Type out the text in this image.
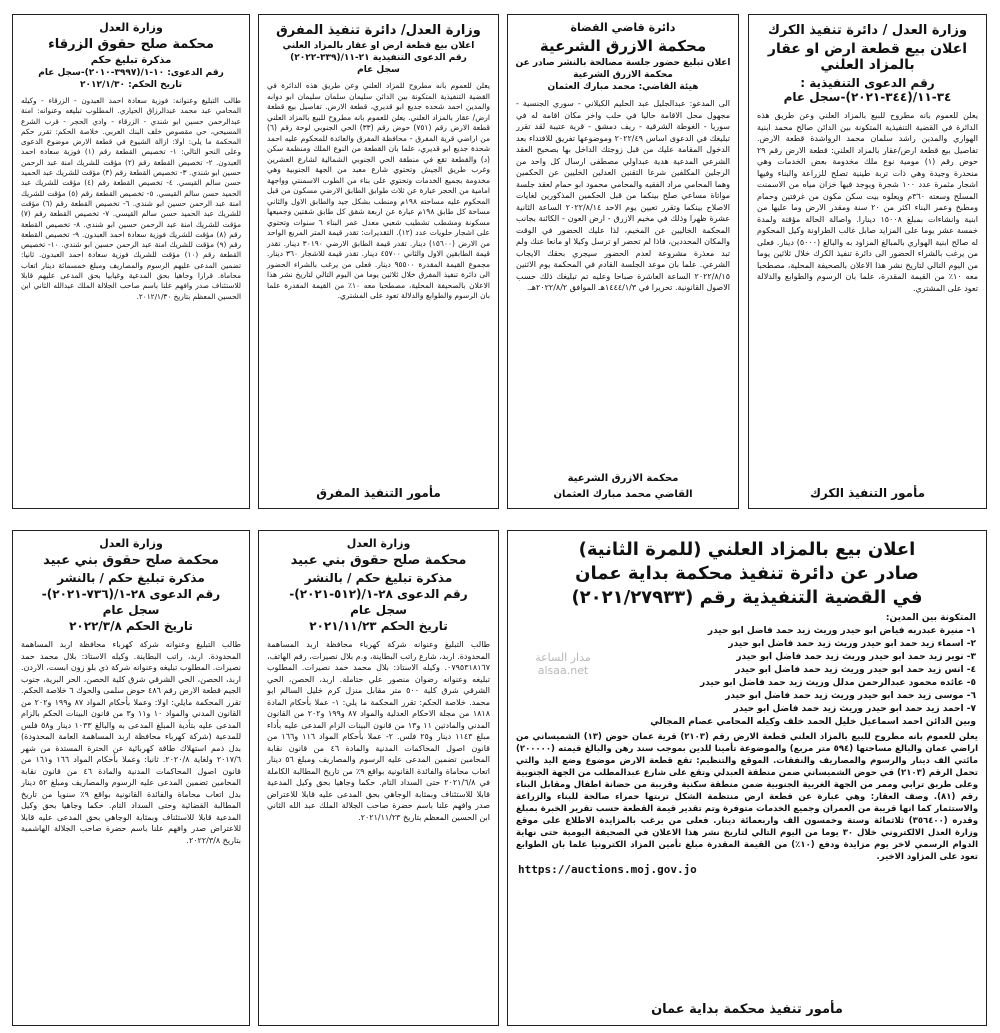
وزارة العدل / دائرة تنفيذ الكرك
اعلان بيع قطعة ارض او عقار بالمزاد العلني
رقم الدعوى التنفيذية : ٣٤-١١/(٣٤٤-٢٠٢١)-سجل عام
يعلن للعموم بانه مطروح للبيع بالمزاد العلني وعن طريق هذه الدائرة في القضية التنفيذية المتكونة بين الدائن صالح محمد ابنية الهواري والمدين راشد سلمان محمد الرواشدة قطعة الارض. تفاصيل بيع قطعة ارض/عقار بالمزاد العلني: قطعة الارض رقم ٢٩ حوض رقم (١) مومية نوع ملك مخدومة بعض الخدمات وهي منحدرة وجيدة وهي ذات تربة طينية تصلح للزراعة والبناء وفيها اشجار مثمرة عدد ١٠٠ شجرة ويوجد فيها خزان مياه من الاسمنت المسلح وسعته ٣٦٠م ويعلوه بيت سكن مكون من غرفتين وحمام ومطبخ وعمر البناء اكثر من ٢٠ سنة ومقدر الارض وما عليها من ابنية وانشاءات بمبلغ ١٥٠٠٨ دينارا. واصالة الحالة مؤقتة ولمدة خمسة عشر يوما على المزايد صابل غالب الطراونة وكيل المحكوم له صالح ابنية الهواري بالمبالغ المزاود به والبالغ (٥٠٠٠) دينار. فعلى من يرغب بالشراء الحضور الى دائرة تنفيذ الكرك خلال ثلاثين يوما من اليوم التالي لتاريخ نشر هذا الاعلان بالصحيفة المحلية، مصطحبا معه ١٠٪ من القيمة المقدرة، علما بان الرسوم والطوابع والدلالة تعود على المشتري.
مأمور التنفيذ الكرك
دائرة قاضي القضاة
محكمة الازرق الشرعية
اعلان تبليغ حضور جلسة مصالحة بالنشر صادر عن
محكمة الازرق الشرعية
هيئة القاضي: محمد مبارك العثمان
الى المدعو: عبدالجليل عبد الحليم الكيلاني - سوري الجنسية - مجهول محل الاقامة حاليا في حلب واخر مكان اقامة له في سوريا - الغوطة الشرقية - ريف دمشق - قرية عتيبة لقد تقرر تبليغك في الدعوى اساس ٢٠٢٢/٤٩ وموضوعها تفريق للافتداء بعد الدخول المقامة عليك من قبل زوجتك الداخل بها بصحيح العقد الشرعي المدعية هدية عبداولي مصطفى ارسال كل واحد من الرجلين المكلفين شرعا التقنين العدلين الخليين عن الحكمين وهما المحامي مراد الفقيه والمحامي محمود ابو حمام لعقد جلسة مواتاة مساعي صلح بينكما من قبل الحكمين المذكورين لغايات الاصلاح بينكما وتقرر تعيين يوم الاحد ٢٠٢٢/٨/١٤ الساعة الثانية عشرة ظهرا وذلك في مخيم الازرق - ارض العون - الكائنة بجانب المحكمة الخاليين عن المخيم، لذا عليك الحضور في الوقت والمكان المحددين، فاذا لم تحضر او ترسل وكيلا او مانعا عنك ولم تبد معذرة مشروعة لعدم الحضور سيجري بحقك الايجاب الشرعي. علما بان موعد الجلسة القادم في المحكمة يوم الاثنين ٢٠٢٢/٨/١٥ الساعة العاشرة صباحا وعليه تم تبليغك ذلك حسب الاصول القانونية. تحريرا في ١٤٤٤/١/٣هـ الموافق ٢٠٢٢/٨/٢هـ.
محكمة الازرق الشرعية
القاضي محمد مبارك العثمان
وزارة العدل/ دائرة تنفيذ المفرق
اعلان بيع قطعة ارض او عقار بالمزاد العلني
رقم الدعوى التنفيذية ٢١-١١/(٣٣٩-٢٠٢٢)
سجل عام
يعلن للعموم بانه مطروح للمزاد العلني وعن طريق هذه الدائرة في القضية التنفيذية المتكونة بين الدائن سليمان سلمان سليمان ابو دوابه والمدين احمد شحده جديع ابو قديري، قطعة الارض. تفاصيل بيع قطعة ارض/ عقار بالمزاد العلني. يعلن للعموم بانه مطروح للبيع بالمزاد العلني قطعة الارض رقم (٧٥١) حوض رقم (٣٣) الحي الجنوبي لوحة رقم (٦) من اراضي قرية المفرق - محافظة المفرق والعائدة للمحكوم عليه احمد شحدة جديع ابو قديري، علما بان القطعة من النوع الملك ومنظمة سكن (د) والقطعة تقع في منطقة الحي الجنوبي الشمالية لشارع العشرين وغرب طريق الجيش وتحتوي شارع معبد من الجهة الجنوبية وهي مخدومة بجميع الخدمات وتحتوي على بناء من الطوب الاسمنتي وواجهة امامية من الحجر عبارة عن ثلاث طوابق الطابق الارضي مسكون من قبل المحكوم عليه مساحته ١٩٨م ومنطب بشكل جيد والطابق الاول والثاني مساحة كل طابق ١٩٨م عبارة عن اربعة شقق كل طابق شقتين وجميعها مسكونة ومشطب تشطيب شعبي معدل عمر البناء ٦ سنوات وتحتوي على اشجار حلويات عدد (١٢). التقديرات: تقدر قيمة المتر المربع الواحد من الارض (١٥٦٠٠) دينار. تقدر قيمة الطابق الارضي ٣٠١٩٠ دينار. تقدر قيمة الطابقين الاول والثاني ٤٥٧٠٠ دينار. تقدر قيمة للاشجار ٣٦٠ دينار. مجموع القيمة المقدرة ٩٥٥٠٠ دينار. فعلى من يرغب بالشراء الحضور الى دائرة تنفيذ المفرق خلال ثلاثين يوما من اليوم التالي لتاريخ نشر هذا الاعلان بالصحيفة المحلية، مصطحبا معه ١٠٪ من القيمة المقدرة علما بان الرسوم والطوابع والدلالة تعود على المشتري.
مأمور التنفيذ المفرق
وزارة العدل
محكمة صلح حقوق الزرقاء
مذكرة تبليغ حكم
رقم الدعوى: ١٠-١/(٣٩٩٧-٢٠١٠)-سجل عام
تاريخ الحكم: ٢٠١٢/١/٣٠
طالب التبليغ وعنوانه: فوزية سعادة احمد العبدون - الزرقاء - وكيله المحامي عبد محمد عبدالرزاق الحياري. المطلوب تبليغه وعنوانه: امنة عبدالرحمن حسين ابو شندي - الزرقاء - وادي الحجر - قرب الشرع المسيحي، حي مقصوص خلف البنك العربي. خلاصة الحكم: تقرر حكم المحكمة ما يلي: اولا: ازالة الشيوع في قطعة الارض موضوع الدعوى وعلى النحو التالي: ١- تخصيص القطعة رقم (١) فوزية سعادة احمد العبدون. ٢- تخصيص القطعة رقم (٢) مؤقت للشريك امنة عبد الرحمن حسين ابو شندي. ٣- تخصيص القطعة رقم (٣) مؤقت للشريك عبد الحميد حسن سالم القيسي. ٤- تخصيص القطعة رقم (٤) مؤقت للشريك عبد الحميد حسن سالم القيسي. ٥- تخصيص القطعة رقم (٥) مؤقت للشريك امنة عبد الرحمن حسين ابو شندي. ٦- تخصيص القطعة رقم (٦) مؤقت للشريك عبد الحميد حسن سالم القيسي. ٧- تخصيص القطعة رقم (٧) مؤقت للشريك امنة عبد الرحمن حسين ابو شندي. ٨- تخصيص القطعة رقم (٨) مؤقت للشريك فوزية سعادة احمد العبدون. ٩- تخصيص القطعة رقم (٩) مؤقت للشريك امنة عبد الرحمن حسين ابو شندي. ١٠- تخصيص القطعة رقم (١٠) مؤقت للشريك فوزية سعادة احمد العبدون. ثانيا: تضمين المدعى عليهم الرسوم والمصاريف ومبلغ خمسمائة دينار اتعاب محاماة. قرارا وجاهيا بحق المدعية وغيابيا بحق المدعى عليهم قابلا للاستئناف صدر وافهم علنا باسم صاحب الجلالة الملك عبدالله الثاني ابن الحسين المعظم بتاريخ ٢٠١٢/١/٣٠.
اعلان بيع بالمزاد العلني (للمرة الثانية)
صادر عن دائرة تنفيذ محكمة بداية عمان
في القضية التنفيذية رقم (٢٠٢١/٢٧٩٣٣)
المتكونة بين المدين:
١- منيرة عبدربه فياض ابو حيدر وريث زيد حمد فاضل ابو حيدر
٢- اسماء زيد حمد ابو حيدر وريث زيد حمد فاضل ابو حيدر
٣- نوير زيد حمد ابو حيدر وريث زيد حمد فاضل ابو حيدر
٤- انس زيد حمد ابو حيدر وريث زيد حمد فاضل ابو حيدر
٥- عائده محمود عبدالرحمن مدلل وريث زيد حمد فاضل ابو حيدر
٦- موسى زيد حمد ابو حيدر وريث زيد حمد فاضل ابو حيدر
٧- احمد زيد حمد ابو حيدر وريث زيد حمد فاضل ابو حيدر
وبين الدائن احمد اسماعيل خليل الحمد خلف وكيله المحامي عصام المجالي
يعلن للعموم بانه مطروح للبيع بالمزاد العلني قطعة الارض رقم (٢١٠٣) قرية عمان حوض (١٣) الشميساني من اراضي عمان والبالغ مساحتها (٥٩٤ متر مربع) والموضوعة تأمينا للدين بموجب سند رهن والبالغ قيمته (٢٠٠٠٠٠) مائتي الف دينار والرسوم والمصاريف والنفقات. الموقع والتنظيم: تقع قطعة الارض موضوع وضع اليد والتي تحمل الرقم (٢١٠٣) في حوض الشميساني ضمن منطقة العبدلي وتقع على شارع عبدالمطلب من الجهة الجنوبية وعلى طريق ترابي وممر من الجهة الغربية الجنوبية ضمن منطقة سكنية وقريبة من حضانة اطفال ومقابل البناء رقم (٨١). وصف العقار: وهي عبارة عن قطعة ارض منتظمة الشكل تربتها حمراء صالحة للبناء والزراعة والاستثمار كما انها قريبة من العمران وجميع الخدمات متوفرة وتم تقدير قيمة القطعة حسب تقرير الخبرة بمبلغ وقدره (٣٥٦٤٠٠) ثلاثمائة وستة وخمسون الف واربعمائة دينار. فعلى من يرغب بالمزايدة الاطلاع على موقع وزارة العدل الالكتروني خلال ٣٠ يوما من اليوم التالي لتاريخ نشر هذا الاعلان في الصحيفة اليومية حتى نهاية الدوام الرسمي لاخر يوم مزايدة ودفع (١٠٪) من القيمة المقدرة مبلغ تأمين المزاد الكترونيا علما بان الطوابع تعود على المزاود الاخير.
https://auctions.moj.gov.jo
مأمور تنفيذ محكمة بداية عمان
مدار الساعة
alsaa.net
وزارة العدل
محكمة صلح حقوق بني عبيد
مذكرة تبليغ حكم / بالنشر
رقم الدعوى ٢٨-١/(٥١٢-٢٠٢١)-
سجل عام
تاريخ الحكم ٢٠٢١/١١/٢٣
طالب التبليغ وعنوانه شركة كهرباء محافظة اربد المساهمة المحدودة. اربد، شارع راتب البطاينة، و.م بلال نصيرات، رقم الهاتف، ٠٧٩٥٣١٨١٦٧. وكيله الاستاذ: بلال محمد حمد نصيرات. المطلوب تبليغه وعنوانه رضوان منصور علي حتاملة. اربد، الحصن، الحي الشرقي شرق كلية ٥٠٠ متر مقابل منزل كرم خليل السالم ابو محمد. خلاصة الحكم: تقرر المحكمة ما يلي: ١- عملا بأحكام المادة ١٨١٨ من مجلة الاحكام العدلية والمواد ٨٧ و١٩٩ و٢٠٢ من القانون المدني والمادتين ١١ و١٣ من قانون البينات الزام المدعى عليه بأداء مبلغ ١١٤٣ دينار و٢٥ فلس. ٢- عملا بأحكام المواد ١١٦ و١٦٦ من قانون اصول المحاكمات المدنية والمادة ٤٦ من قانون نقابة المحامين تضمين المدعى عليه الرسوم والمصاريف ومبلغ ٥٦ دينار اتعاب محاماة والفائدة القانونية بواقع ٩٪ من تاريخ المطالبة الكاملة في ٢٠٢١/٦/٨ حتى السداد التام. حكما وجاهيا بحق وكيل المدعية قابلا للاستئناف وبمثابة الوجاهي بحق المدعى عليه قابلا للاعتراض صدر وافهم علنا باسم حضرة صاحب الجلالة الملك عبد الله الثاني ابن الحسين المعظم بتاريخ ٢٠٢١/١١/٢٣.
وزارة العدل
محكمة صلح حقوق بني عبيد
مذكرة تبليغ حكم / بالنشر
رقم الدعوى ٢٨-١/(٧٣٦-٢٠٢١)-
سجل عام
تاريخ الحكم ٢٠٢٢/٣/٨
طالب التبليغ وعنوانه شركة كهرباء محافظة اربد المساهمة المحدودة. اربد، راتب البطاينة. وكيله الاستاذ: بلال محمد حمد نصيرات. المطلوب تبليغه وعنوانه شركة ذي بلو زون ابست، الاردن. اربد، الحصن، الحي الشرقي شرق كلية الحصن، الحر البرية، جنوب الجيم قطعة الارض رقم ٤٨٦ حوض سلمى والحوك ٦ خلاصة الحكم. تقرر المحكمة مايلي: اولا: وعملا بأحكام المواد ٨٧ و١٩٩ و٢٠٢ من القانون المدني والمواد ١٠ و١١ و٣ من قانون البينات الحكم بالزام المدعى عليه بتأدية المبلغ المدعى به والبالغ ١٠٣٣ دينار و٥٨ فلس للمدعية (شركة كهرباء محافظة اربد المساهمة العامة المحدودة) بدل ذمم استهلاك طاقة كهربائية عن الحترة المستدة من شهر ٢٠١٧/٦ ولغاية ٢٠٢٠/٨. ثانيا: وعملا بأحكام المواد ١٦٦ و١٦١ من قانون اصول المحاكمات المدنية والمادة ٤٦ من قانون نقابة المحامين تضمين المدعى عليه الرسوم والمصاريف ومبلغ ٥٢ دينار بدل اتعاب محاماة والفائدة القانونية بواقع ٩٪ سنويا من تاريخ المطالبة القضائية وحتى السداد التام. حكما وجاهيا بحق وكيل المدعية قابلا للاستئناف وبمثابة الوجاهي بحق المدعى عليه قابلا للاعتراض صدر وافهم علنا باسم حضرة صاحب الجلالة الهاشمية بتاريخ ٢٠٢٢/٣/٨.
